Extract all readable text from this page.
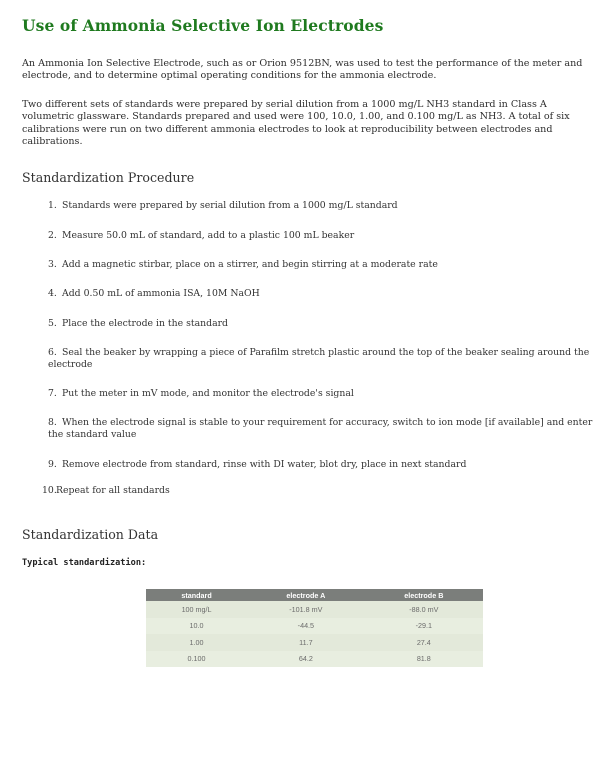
Use of Ammonia Selective Ion Electrodes

An Ammonia Ion Selective Electrode, such as or Orion 9512BN, was used to test the performance of the meter and electrode, and to determine optimal operating conditions for the ammonia electrode.

Two different sets of standards were prepared by serial dilution from a 1000 mg/L NH3 standard in Class A volumetric glassware. Standards prepared and used were 100, 10.0, 1.00, and 0.100 mg/L as NH3. A total of six calibrations were run on two different ammonia electrodes to look at reproducibility between electrodes and calibrations.

Standardization Procedure
1. Standards were prepared by serial dilution from a 1000 mg/L standard
2. Measure 50.0 mL of standard, add to a plastic 100 mL beaker
3. Add a magnetic stirbar, place on a stirrer, and begin stirring at a moderate rate
4. Add 0.50 mL of ammonia ISA, 10M NaOH
5. Place the electrode in the standard
6. Seal the beaker by wrapping a piece of Parafilm stretch plastic around the top of the beaker sealing around the electrode
7. Put the meter in mV mode, and monitor the electrode's signal
8. When the electrode signal is stable to your requirement for accuracy, switch to ion mode [if available] and enter the standard value
9. Remove electrode from standard, rinse with DI water, blot dry, place in next standard
10.Repeat for all standards
Standardization Data

Typical standardization:

standard	electrode A	electrode B
100 mg/L	-101.8 mV	-88.0 mV
10.0	-44.5	-29.1
1.00	11.7	27.4
0.100	64.2	81.8
